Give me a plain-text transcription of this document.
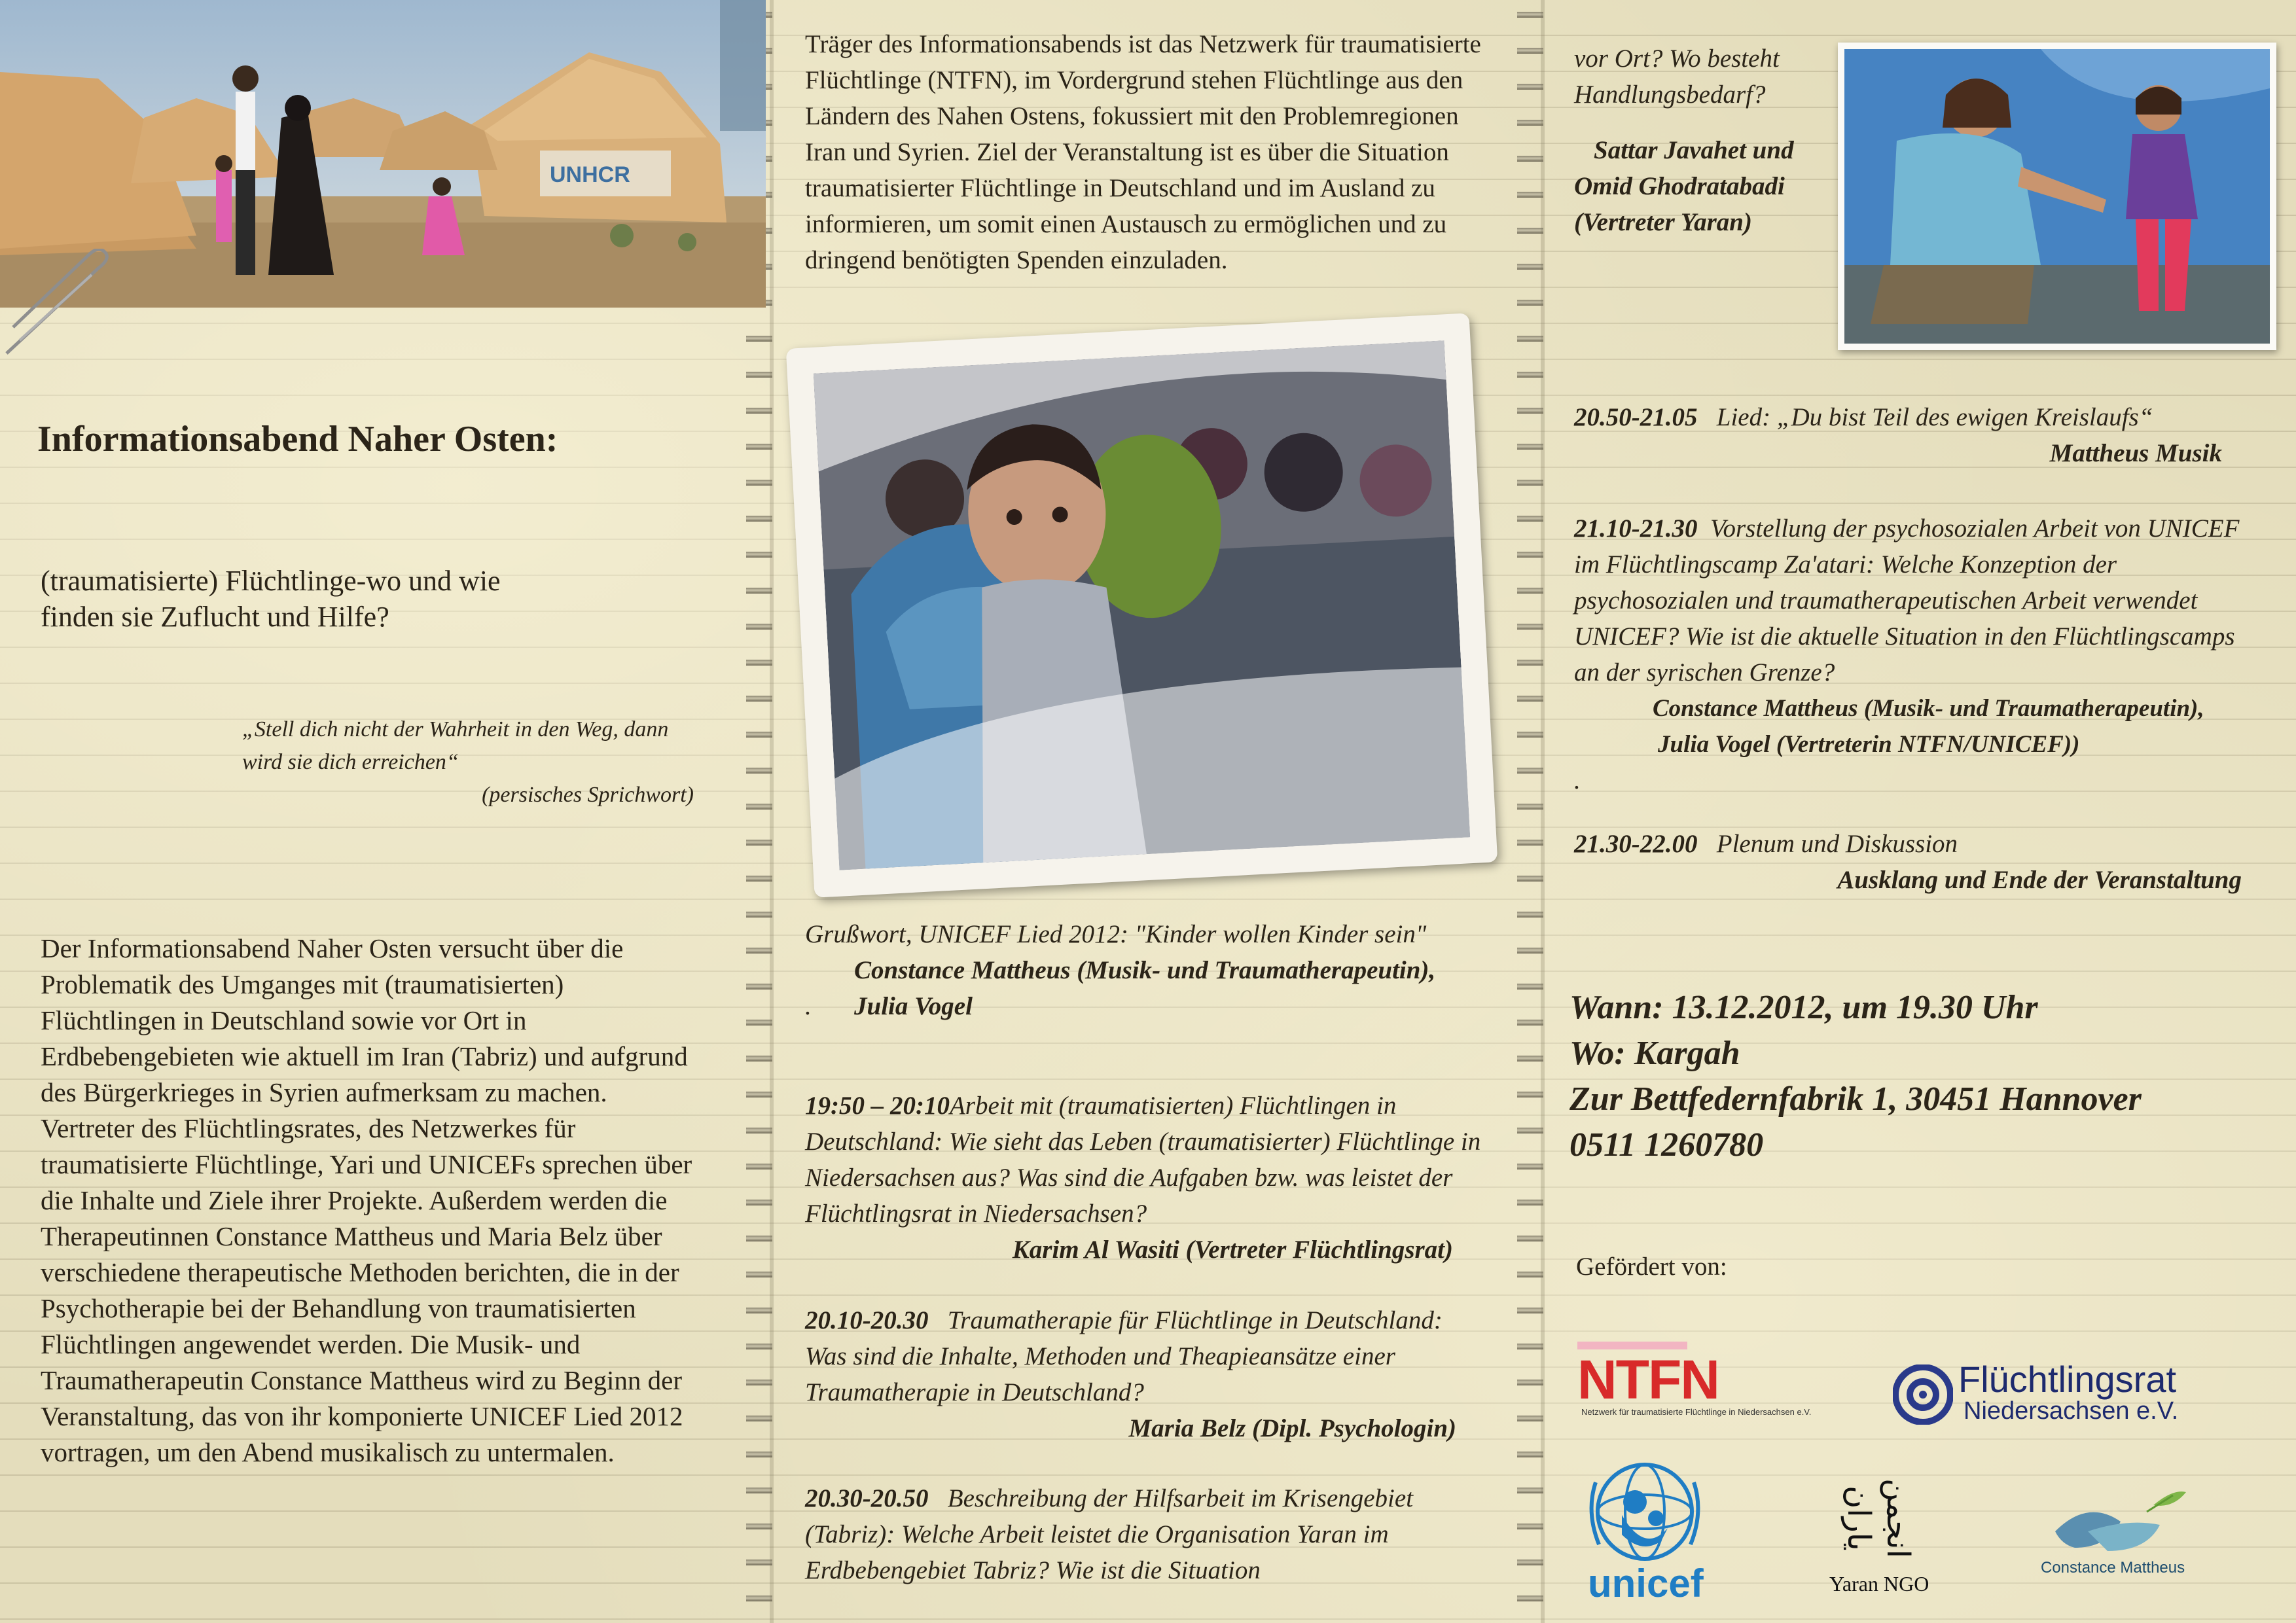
UNHCR
Informationsabend Naher Osten:
(traumatisierte) Flüchtlinge-wo und wie finden sie Zuflucht und Hilfe?
„Stell dich nicht der Wahrheit in den Weg, dann wird sie dich erreichen“
(persisches Sprichwort)
Der Informationsabend Naher Osten versucht über die Problematik des Umganges mit (traumatisierten) Flüchtlingen in Deutschland sowie vor Ort in Erdbebengebieten wie aktuell im Iran (Tabriz) und aufgrund des Bürgerkrieges in Syrien aufmerksam zu machen. Vertreter des Flüchtlingsrates, des Netzwerkes für traumatisierte Flüchtlinge, Yari und UNICEFs sprechen über die Inhalte und Ziele ihrer Projekte. Außerdem werden die Therapeutinnen Constance Mattheus und Maria Belz über verschiedene therapeutische Methoden berichten, die in der Psychotherapie bei der Behandlung von traumatisierten Flüchtlingen angewendet werden. Die Musik- und Traumatherapeutin Constance Mattheus wird zu Beginn der Veranstaltung, das von ihr komponierte UNICEF Lied 2012 vortragen, um den Abend musikalisch zu untermalen.
Träger des Informationsabends ist das Netzwerk für traumatisierte Flüchtlinge (NTFN), im Vordergrund stehen Flüchtlinge aus den Ländern des Nahen Ostens, fokussiert mit den Problemregionen Iran und Syrien. Ziel der Veranstaltung ist es über die Situation traumatisierter Flüchtlinge in Deutschland und im Ausland zu informieren, um somit einen Austausch zu ermöglichen und zu dringend benötigten Spenden einzuladen.
Grußwort, UNICEF Lied 2012: "Kinder wollen Kinder sein"
Constance Mattheus (Musik- und Traumatherapeutin),
. Julia Vogel
19:50 – 20:10Arbeit mit (traumatisierten) Flüchtlingen in Deutschland: Wie sieht das Leben (traumatisierter) Flüchtlinge in Niedersachsen aus? Was sind die Aufgaben bzw. was leistet der Flüchtlingsrat in Niedersachsen?
Karim Al Wasiti (Vertreter Flüchtlingsrat)
20.10-20.30 Traumatherapie für Flüchtlinge in Deutschland: Was sind die Inhalte, Methoden und Theapieansätze einer Traumatherapie in Deutschland?
Maria Belz (Dipl. Psychologin)
20.30-20.50 Beschreibung der Hilfsarbeit im Krisengebiet (Tabriz): Welche Arbeit leistet die Organisation Yaran im Erdbebengebiet Tabriz? Wie ist die Situation
vor Ort? Wo besteht Handlungsbedarf?
Sattar Javahet und
Omid Ghodratabadi
(Vertreter Yaran)
20.50-21.05 Lied: „Du bist Teil des ewigen Kreislaufs“
Mattheus Musik
21.10-21.30 Vorstellung der psychosozialen Arbeit von UNICEF im Flüchtlingscamp Za'atari: Welche Konzeption der psychosozialen und traumatherapeutischen Arbeit verwendet UNICEF? Wie ist die aktuelle Situation in den Flüchtlingscamps an der syrischen Grenze?
Constance Mattheus (Musik- und Traumatherapeutin),
Julia Vogel (Vertreterin NTFN/UNICEF))
.
21.30-22.00 Plenum und Diskussion
Ausklang und Ende der Veranstaltung
Wann: 13.12.2012, um 19.30 Uhr
Wo: Kargah
Zur Bettfedernfabrik 1, 30451 Hannover
0511 1260780
Gefördert von:
NTFN
Netzwerk für traumatisierte Flüchtlinge in Niedersachsen e.V.
Flüchtlingsrat
Niedersachsen e.V.
unicef
انجمن یاران
Yaran NGO
Constance Mattheus
